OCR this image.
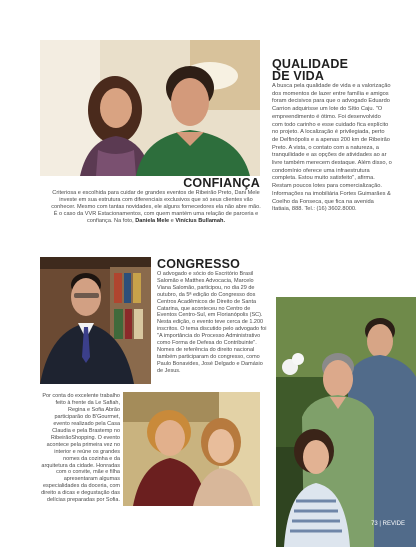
CONFIANÇA
Criteriosa e escolhida para cuidar de grandes eventos de Ribeirão Preto, Dani Mele investe em sua estrutura com diferenciais exclusivos que só seus clientes vão conhecer. Mesmo com tantas novidades, ele alguns fornecedores ela não abre mão. É o caso da VVR Estacionamentos, com quem mantém uma relação de parceria e confiança. Na foto, Daniela Mele e Vinícius Bullamah.
QUALIDADE
DE VIDA
A busca pela qualidade de vida e a valorização dos momentos de lazer entre família e amigos foram decisivos para que o advogado Eduardo Carrion adquirisse um lote do Sítio Caju. "O empreendimento é ótimo. Foi desenvolvido com todo carinho e esse cuidado fica explícito no projeto. A localização é privilegiada, perto de Delfinópolis e a apenas 200 km de Ribeirão Preto. A vista, o contato com a natureza, a tranquilidade e as opções de atividades ao ar livre também merecem destaque. Além disso, o condomínio oferece uma infraestrutura completa. Estou muito satisfeito", afirma. Restam poucos lotes para comercialização. Informações na imobiliária Fortes Guimarães & Coelho da Fonseca, que fica na avenida Itatiaia, 888. Tel.: (16) 3602.8000.
CONGRESSO
O advogado e sócio do Escritório Brasil Salomão e Matthes Advocacia, Marcelo Viana Salomão, participou, no dia 29 de outubro, da 5ª edição do Congresso dos Centros Acadêmicos de Direito de Santa Catarina, que aconteceu no Centro de Eventos Centro-Sul, em Florianópolis (SC). Nesta edição, o evento teve cerca de 1.200 inscritos. O tema discutido pelo advogado foi "A importância do Processo Administrativo como Forma de Defesa do Contribuinte". Nomes de referência do direito nacional também participaram do congresso, como Paulo Bonavides, José Delgado e Damásio de Jesus.
Por conta do excelente trabalho feito à frente da Le Safiah, Regina e Sofia Abrão participarão do B'Gourmet, evento realizado pela Casa Claudia e pela Brastemp no RibeirãoShopping. O evento acontece pela primeira vez no interior e reúne os grandes nomes da cozinha e da arquitetura da cidade. Honradas com o convite, mãe e filha apresentaram algumas especialidades da doceria, com direito a dicas e degustação das delícias preparadas por Sofia.
73 | REVIDE
